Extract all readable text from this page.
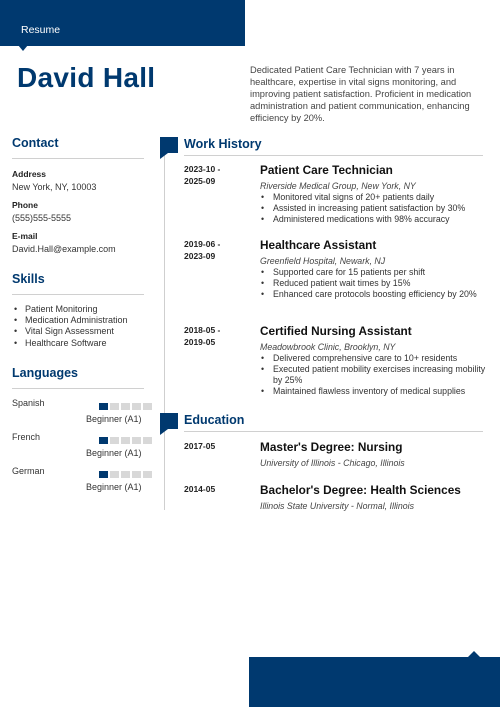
Resume
David Hall	Dedicated Patient Care Technician with 7 years in healthcare, expertise in vital signs monitoring, and improving patient satisfaction. Proficient in medication administration and patient communication, enhancing efficiency by 20%.
Contact
Address
New York, NY, 10003
Phone
(555)555-5555
E-mail
David.Hall@example.com
Skills
• Patient Monitoring
• Medication Administration
• Vital Sign Assessment
• Healthcare Software
Languages
Spanish
Beginner (A1)
French
Beginner (A1)
German
Beginner (A1)
Work History
2023-10 -
2025-09
Patient Care Technician
Riverside Medical Group, New York, NY
• Monitored vital signs of 20+ patients daily
• Assisted in increasing patient satisfaction by 30%
• Administered medications with 98% accuracy
2019-06 -
2023-09
Healthcare Assistant
Greenfield Hospital, Newark, NJ
• Supported care for 15 patients per shift
• Reduced patient wait times by 15%
• Enhanced care protocols boosting efficiency by 20%
2018-05 -
2019-05
Certified Nursing Assistant
Meadowbrook Clinic, Brooklyn, NY
• Delivered comprehensive care to 10+ residents
• Executed patient mobility exercises increasing mobility by 25%
• Maintained flawless inventory of medical supplies
Education
2017-05	Master's Degree: Nursing
University of Illinois - Chicago, Illinois
2014-05	Bachelor's Degree: Health Sciences
Illinois State University - Normal, Illinois
